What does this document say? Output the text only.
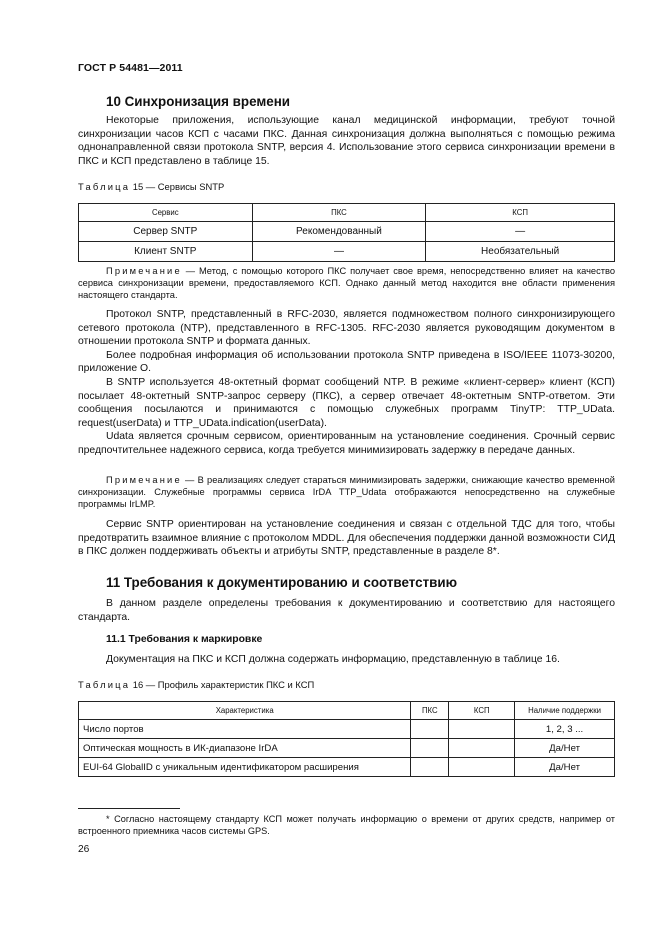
ГОСТ Р 54481—2011
10 Синхронизация времени

Некоторые приложения, использующие канал медицинской информации, требуют точной синхронизации часов КСП с часами ПКС. Данная синхронизация должна выполняться с помощью режима однонаправленной связи протокола SNTP, версия 4. Использование этого сервиса синхронизации времени в ПКС и КСП представлено в таблице 15.

Таблица 15 — Сервисы SNTP
Сервис	ПКС	КСП
Сервер SNTP	Рекомендованный	—
Клиент SNTP	—	Необязательный

Примечание — Метод, с помощью которого ПКС получает свое время, непосредственно влияет на качество сервиса синхронизации времени, предоставляемого КСП. Однако данный метод находится вне области применения настоящего стандарта.

Протокол SNTP, представленный в RFC-2030, является подмножеством полного синхронизирующего сетевого протокола (NTP), представленного в RFC-1305. RFC-2030 является руководящим документом в отношении протокола SNTP и формата данных.

Более подробная информация об использовании протокола SNTP приведена в ISO/IEEE 11073-30200, приложение О.

В SNTP используется 48-октетный формат сообщений NTP. В режиме «клиент-сервер» клиент (КСП) посылает 48-октетный SNTP-запрос серверу (ПКС), а сервер отвечает 48-октетным SNTP-ответом. Эти сообщения посылаются и принимаются с помощью служебных программ TinyTP: TTP_UData. request(userData) и TTP_UData.indication(userData).

Udata является срочным сервисом, ориентированным на установление соединения. Срочный сервис предпочтительнее надежного сервиса, когда требуется минимизировать задержку в передаче данных.

Примечание — В реализациях следует стараться минимизировать задержки, снижающие качество временной синхронизации. Служебные программы сервиса IrDA TTP_Udata отображаются непосредственно на служебные программы IrLMP.

Сервис SNTP ориентирован на установление соединения и связан с отдельной ТДС для того, чтобы предотвратить взаимное влияние с протоколом MDDL. Для обеспечения поддержки данной возможности СИД в ПКС должен поддерживать объекты и атрибуты SNTP, представленные в разделе 8*.

11 Требования к документированию и соответствию

В данном разделе определены требования к документированию и соответствию для настоящего стандарта.

11.1 Требования к маркировке

Документация на ПКС и КСП должна содержать информацию, представленную в таблице 16.

Таблица 16 — Профиль характеристик ПКС и КСП
Характеристика	ПКС	КСП	Наличие поддержки
Число портов			1, 2, 3 ...
Оптическая мощность в ИК-диапазоне IrDA			Да/Нет
EUI-64 GlobalID с уникальным идентификатором расширения			Да/Нет

* Согласно настоящему стандарту КСП может получать информацию о времени от других средств, например от встроенного приемника часов системы GPS.

26
